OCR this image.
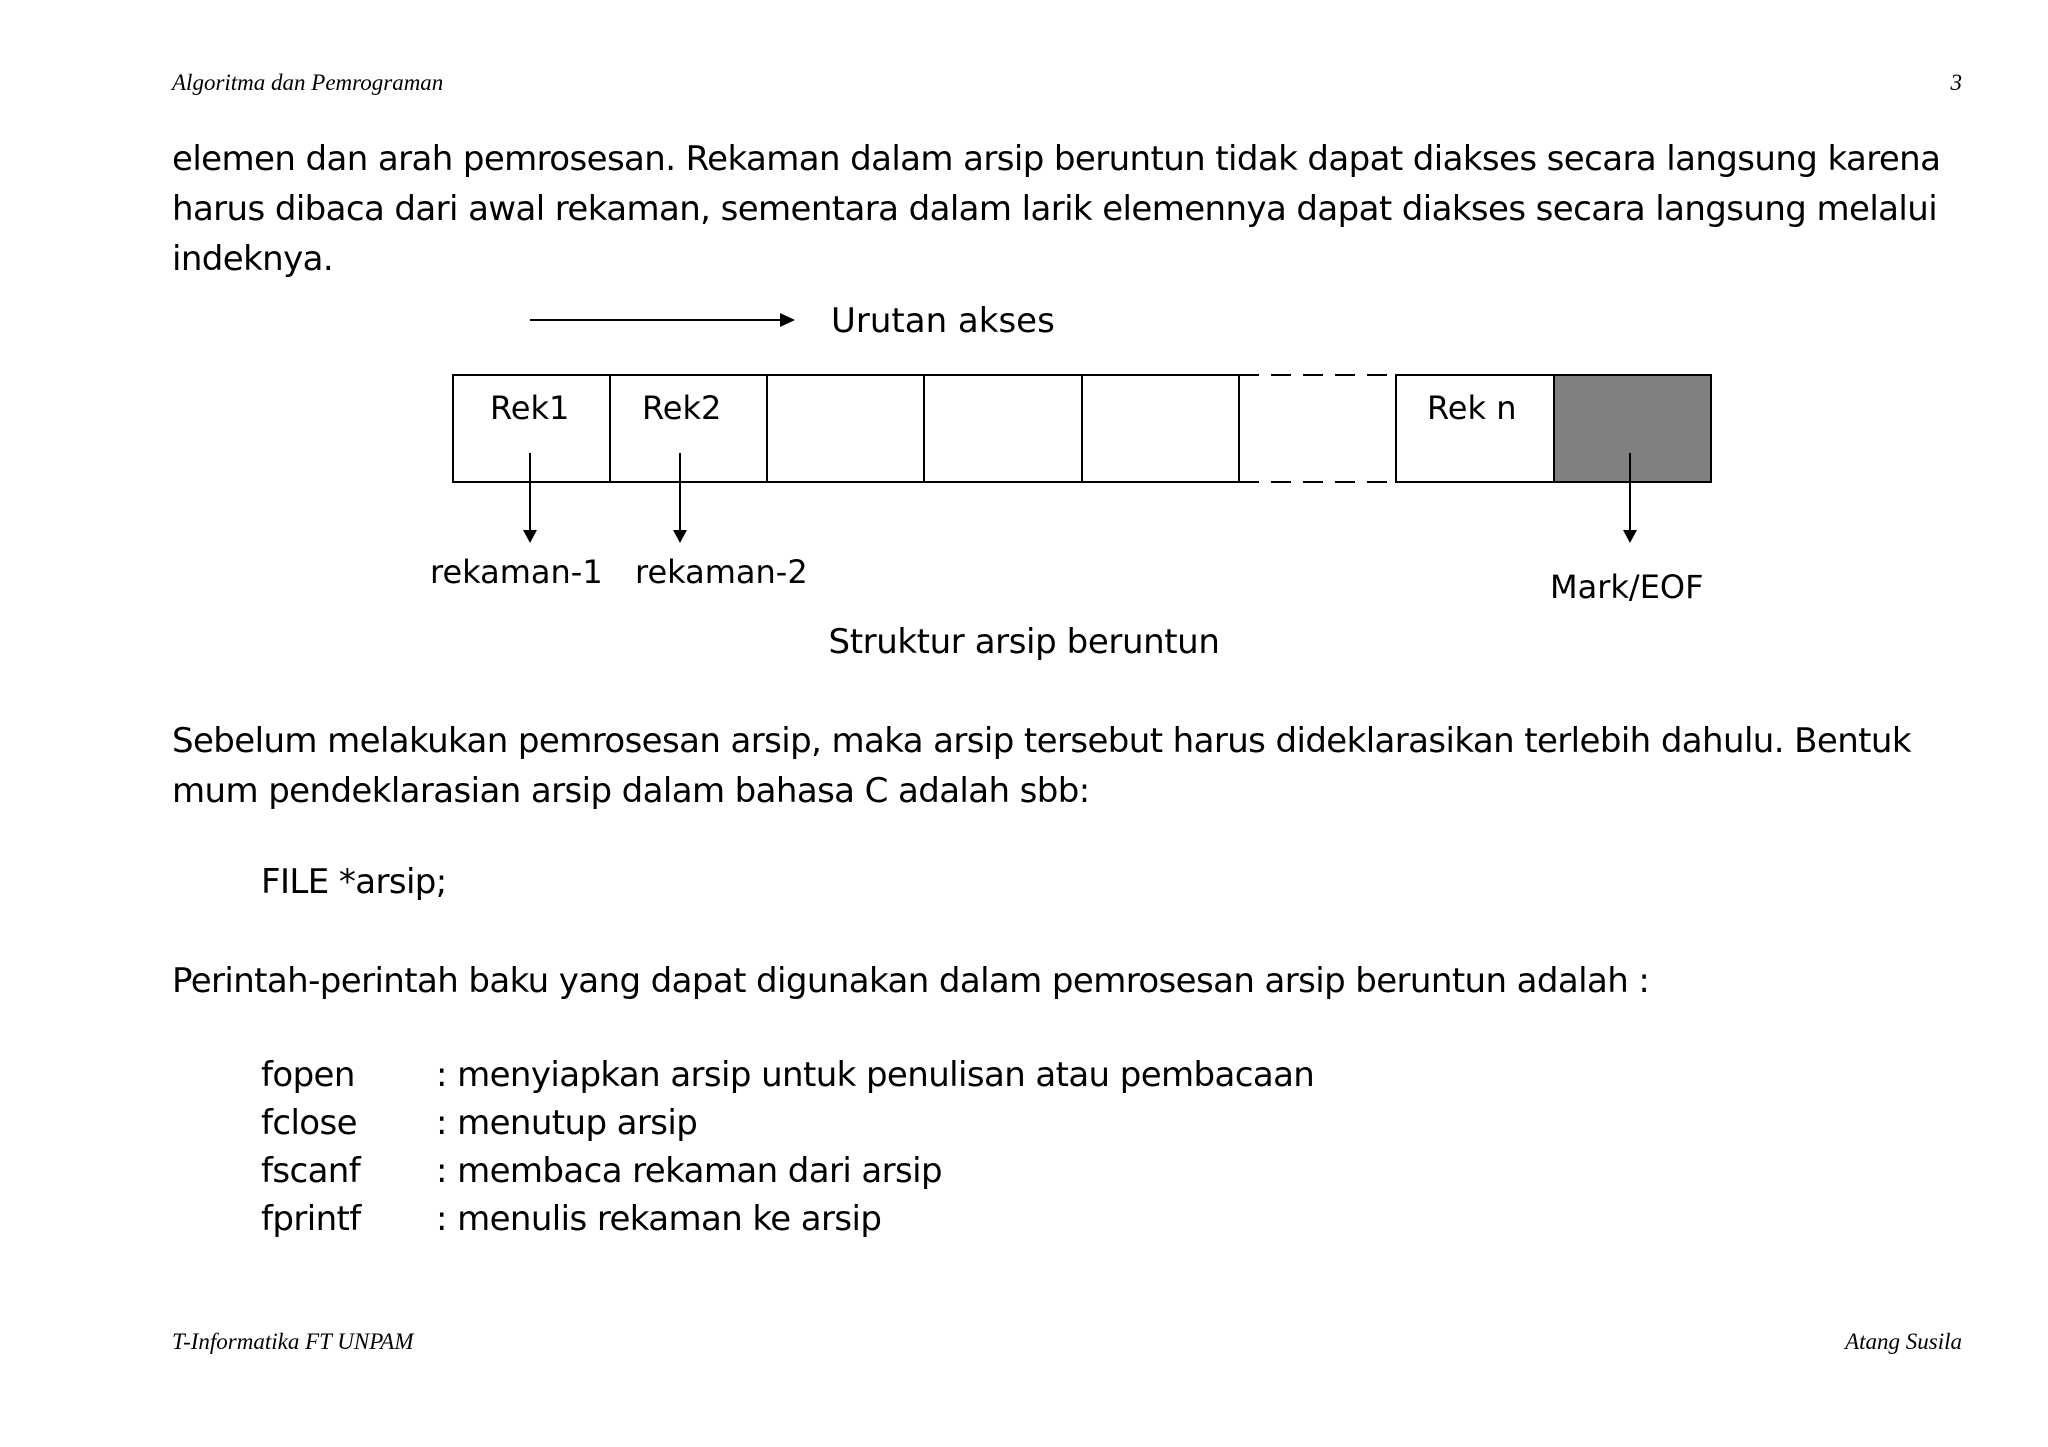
Algoritma dan Pemrograman	3

elemen dan arah pemrosesan. Rekaman dalam arsip beruntun tidak dapat diakses secara langsung karena harus dibaca dari awal rekaman, sementara dalam larik elemennya dapat diakses secara langsung melalui indeknya.

Urutan akses
Rek1 Rek2	Rek n
rekaman-1 rekaman-2	Mark/EOF
Struktur arsip beruntun

Sebelum melakukan pemrosesan arsip, maka arsip tersebut harus dideklarasikan terlebih dahulu. Bentuk mum pendeklarasian arsip dalam bahasa C adalah sbb:

FILE *arsip;

Perintah-perintah baku yang dapat digunakan dalam pemrosesan arsip beruntun adalah :

fopen	: menyiapkan arsip untuk penulisan atau pembacaan
fclose	: menutup arsip
fscanf	: membaca rekaman dari arsip
fprintf	: menulis rekaman ke arsip
T-Informatika FT UNPAM	Atang Susila
